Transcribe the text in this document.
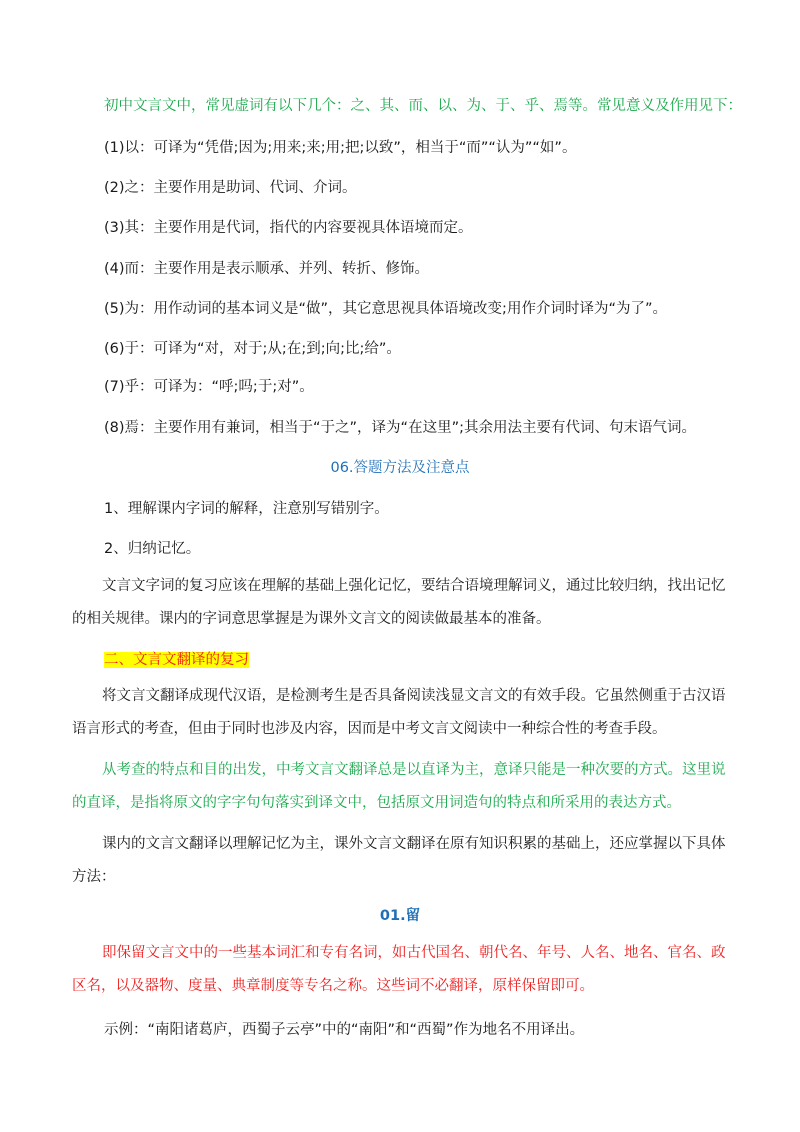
初中文言文中，常见虚词有以下几个：之、其、而、以、为、于、乎、焉等。常见意义及作用见下：
(1)以：可译为“凭借;因为;用来;来;用;把;以致”，相当于“而”“认为”“如”。
(2)之：主要作用是助词、代词、介词。
(3)其：主要作用是代词，指代的内容要视具体语境而定。
(4)而：主要作用是表示顺承、并列、转折、修饰。
(5)为：用作动词的基本词义是“做”，其它意思视具体语境改变;用作介词时译为“为了”。
(6)于：可译为“对，对于;从;在;到;向;比;给”。
(7)乎：可译为：“呼;吗;于;对”。
(8)焉：主要作用有兼词，相当于“于之”，译为“在这里”;其余用法主要有代词、句末语气词。
06.答题方法及注意点
1、理解课内字词的解释，注意别写错别字。
2、归纳记忆。
文言文字词的复习应该在理解的基础上强化记忆，要结合语境理解词义，通过比较归纳，找出记忆的相关规律。课内的字词意思掌握是为课外文言文的阅读做最基本的准备。
二、文言文翻译的复习
将文言文翻译成现代汉语，是检测考生是否具备阅读浅显文言文的有效手段。它虽然侧重于古汉语语言形式的考查，但由于同时也涉及内容，因而是中考文言文阅读中一种综合性的考查手段。
从考查的特点和目的出发，中考文言文翻译总是以直译为主，意译只能是一种次要的方式。这里说的直译，是指将原文的字字句句落实到译文中，包括原文用词造句的特点和所采用的表达方式。
课内的文言文翻译以理解记忆为主，课外文言文翻译在原有知识积累的基础上，还应掌握以下具体方法：
01.留
即保留文言文中的一些基本词汇和专有名词，如古代国名、朝代名、年号、人名、地名、官名、政区名，以及器物、度量、典章制度等专名之称。这些词不必翻译，原样保留即可。
示例：“南阳诸葛庐，西蜀子云亭”中的“南阳”和“西蜀”作为地名不用译出。
